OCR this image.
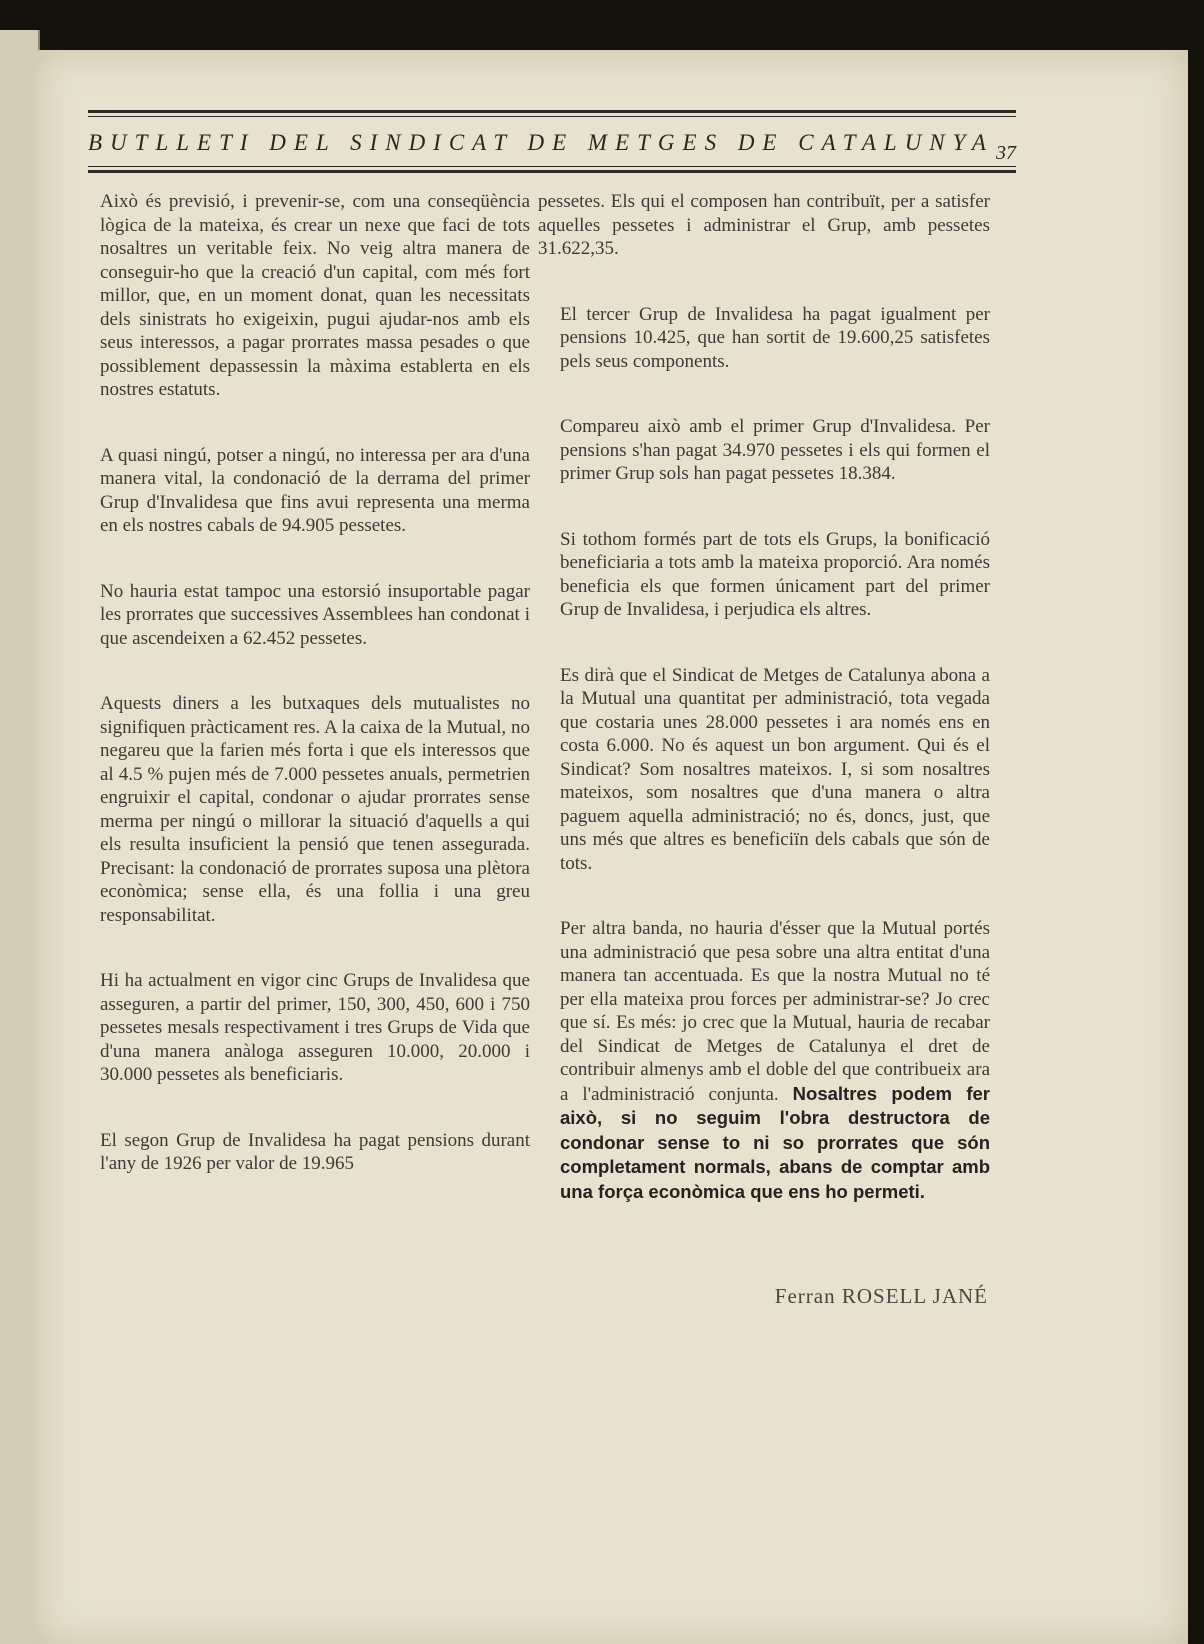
BUTLLETI DEL SINDICAT DE METGES DE CATALUNYA 37

Això és previsió, i prevenir-se, com una conseqüència lògica de la mateixa, és crear un nexe que faci de tots nosaltres un veritable feix. No veig altra manera de conseguir-ho que la creació d'un capital, com més fort millor, que, en un moment donat, quan les necessitats dels sinistrats ho exigeixin, pugui ajudar-nos amb els seus interessos, a pagar prorrates massa pesades o que possiblement depassessin la màxima establerta en els nostres estatuts.

A quasi ningú, potser a ningú, no interessa per ara d'una manera vital, la condonació de la derrama del primer Grup d'Invalidesa que fins avui representa una merma en els nostres cabals de 94.905 pessetes.

No hauria estat tampoc una estorsió insuportable pagar les prorrates que successives Assemblees han condonat i que ascendeixen a 62.452 pessetes.

Aquests diners a les butxaques dels mutualistes no signifiquen pràcticament res. A la caixa de la Mutual, no negareu que la farien més forta i que els interessos que al 4.5 % pujen més de 7.000 pessetes anuals, permetrien engruixir el capital, condonar o ajudar prorrates sense merma per ningú o millorar la situació d'aquells a qui els resulta insuficient la pensió que tenen assegurada. Precisant: la condonació de prorrates suposa una plètora econòmica; sense ella, és una follia i una greu responsabilitat.

Hi ha actualment en vigor cinc Grups de Invalidesa que asseguren, a partir del primer, 150, 300, 450, 600 i 750 pessetes mesals respectivament i tres Grups de Vida que d'una manera anàloga asseguren 10.000, 20.000 i 30.000 pessetes als beneficiaris.

El segon Grup de Invalidesa ha pagat pensions durant l'any de 1926 per valor de 19.965

pessetes. Els qui el composen han contribuït, per a satisfer aquelles pessetes i administrar el Grup, amb pessetes 31.622,35.

El tercer Grup de Invalidesa ha pagat igualment per pensions 10.425, que han sortit de 19.600,25 satisfetes pels seus components.

Compareu això amb el primer Grup d'Invalidesa. Per pensions s'han pagat 34.970 pessetes i els qui formen el primer Grup sols han pagat pessetes 18.384.

Si tothom formés part de tots els Grups, la bonificació beneficiaria a tots amb la mateixa proporció. Ara només beneficia els que formen únicament part del primer Grup de Invalidesa, i perjudica els altres.

Es dirà que el Sindicat de Metges de Catalunya abona a la Mutual una quantitat per administració, tota vegada que costaria unes 28.000 pessetes i ara només ens en costa 6.000. No és aquest un bon argument. Qui és el Sindicat? Som nosaltres mateixos. I, si som nosaltres mateixos, som nosaltres que d'una manera o altra paguem aquella administració; no és, doncs, just, que uns més que altres es beneficiïn dels cabals que són de tots.

Per altra banda, no hauria d'ésser que la Mutual portés una administració que pesa sobre una altra entitat d'una manera tan accentuada. Es que la nostra Mutual no té per ella mateixa prou forces per administrar-se? Jo crec que sí. Es més: jo crec que la Mutual, hauria de recabar del Sindicat de Metges de Catalunya el dret de contribuir almenys amb el doble del que contribueix ara a l'administració conjunta. Nosaltres podem fer això, si no seguim l'obra destructora de condonar sense to ni so prorrates que són completament normals, abans de comptar amb una força econòmica que ens ho permeti.

Ferran ROSELL JANÉ
